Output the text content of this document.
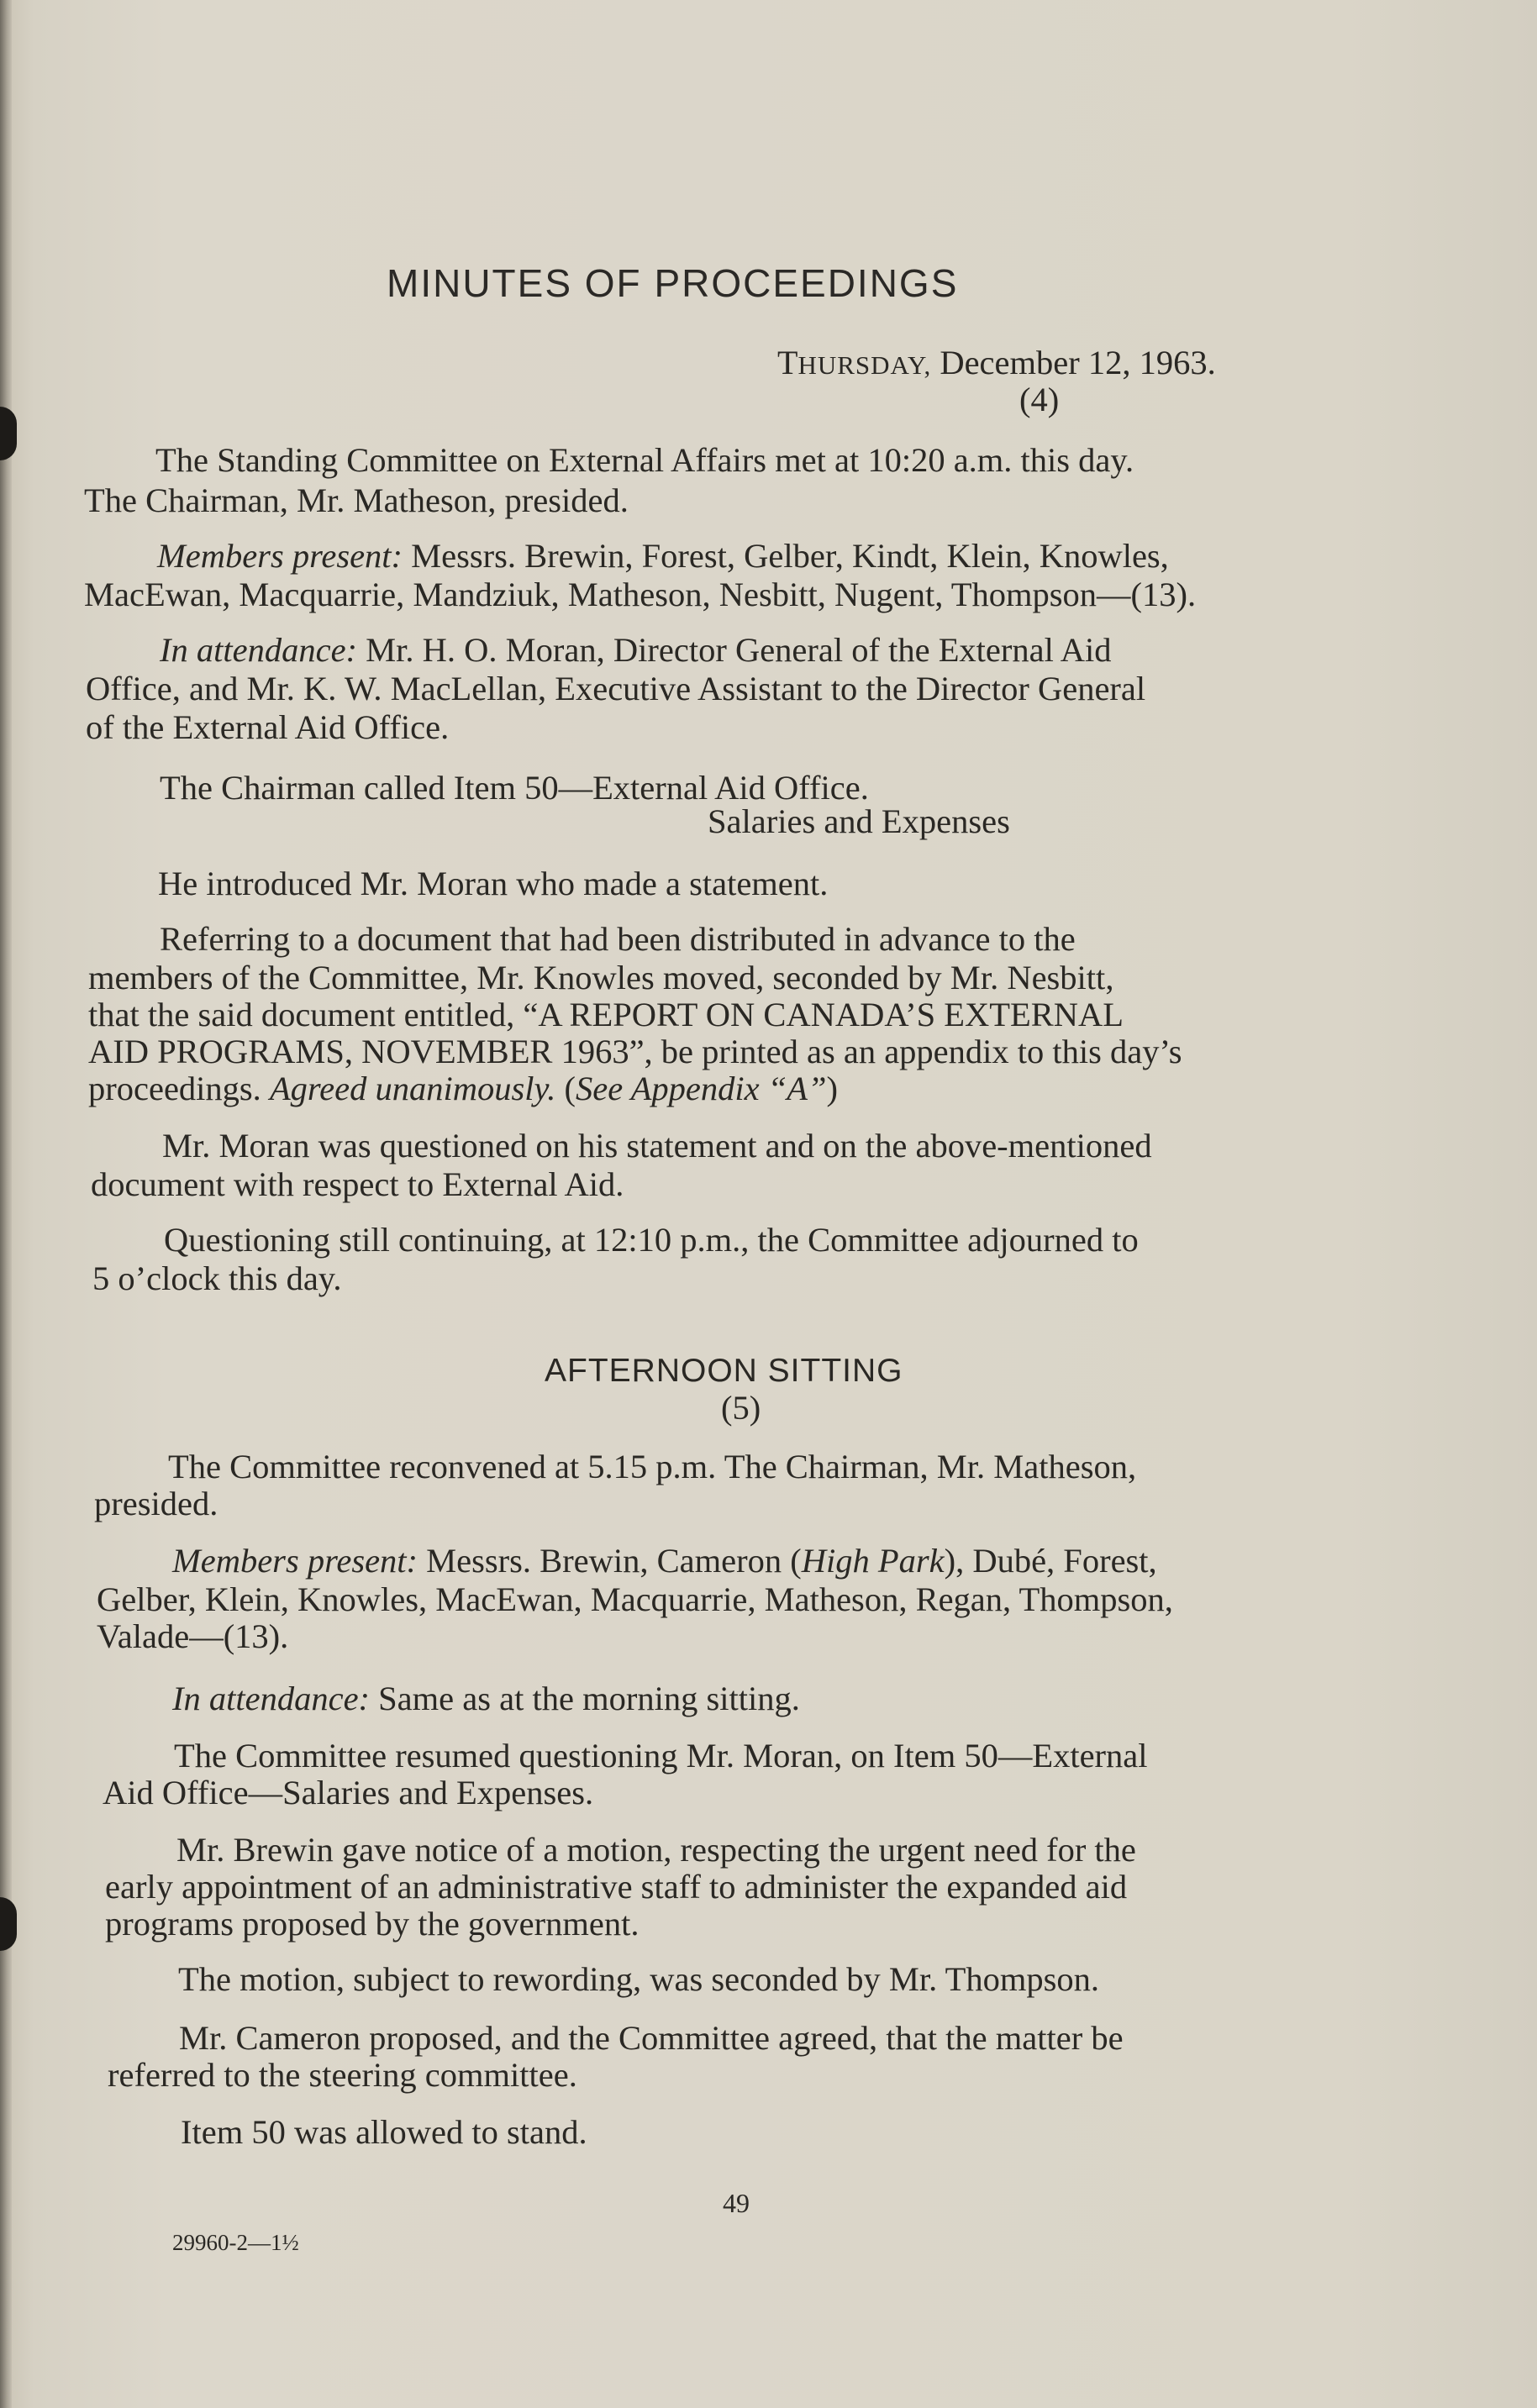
MINUTES OF PROCEEDINGS
THURSDAY, December 12, 1963.
(4)
The Standing Committee on External Affairs met at 10:20 a.m. this day.
The Chairman, Mr. Matheson, presided.
Members present: Messrs. Brewin, Forest, Gelber, Kindt, Klein, Knowles,
MacEwan, Macquarrie, Mandziuk, Matheson, Nesbitt, Nugent, Thompson—(13).
In attendance: Mr. H. O. Moran, Director General of the External Aid
Office, and Mr. K. W. MacLellan, Executive Assistant to the Director General
of the External Aid Office.
The Chairman called Item 50—External Aid Office.
Salaries and Expenses
He introduced Mr. Moran who made a statement.
Referring to a document that had been distributed in advance to the
members of the Committee, Mr. Knowles moved, seconded by Mr. Nesbitt,
that the said document entitled, “A REPORT ON CANADA’S EXTERNAL
AID PROGRAMS, NOVEMBER 1963”, be printed as an appendix to this day’s
proceedings. Agreed unanimously. (See Appendix “A”)
Mr. Moran was questioned on his statement and on the above-mentioned
document with respect to External Aid.
Questioning still continuing, at 12:10 p.m., the Committee adjourned to
5 o’clock this day.
AFTERNOON SITTING
(5)
The Committee reconvened at 5.15 p.m. The Chairman, Mr. Matheson,
presided.
Members present: Messrs. Brewin, Cameron (High Park), Dubé, Forest,
Gelber, Klein, Knowles, MacEwan, Macquarrie, Matheson, Regan, Thompson,
Valade—(13).
In attendance: Same as at the morning sitting.
The Committee resumed questioning Mr. Moran, on Item 50—External
Aid Office—Salaries and Expenses.
Mr. Brewin gave notice of a motion, respecting the urgent need for the
early appointment of an administrative staff to administer the expanded aid
programs proposed by the government.
The motion, subject to rewording, was seconded by Mr. Thompson.
Mr. Cameron proposed, and the Committee agreed, that the matter be
referred to the steering committee.
Item 50 was allowed to stand.
49
29960-2—1½
